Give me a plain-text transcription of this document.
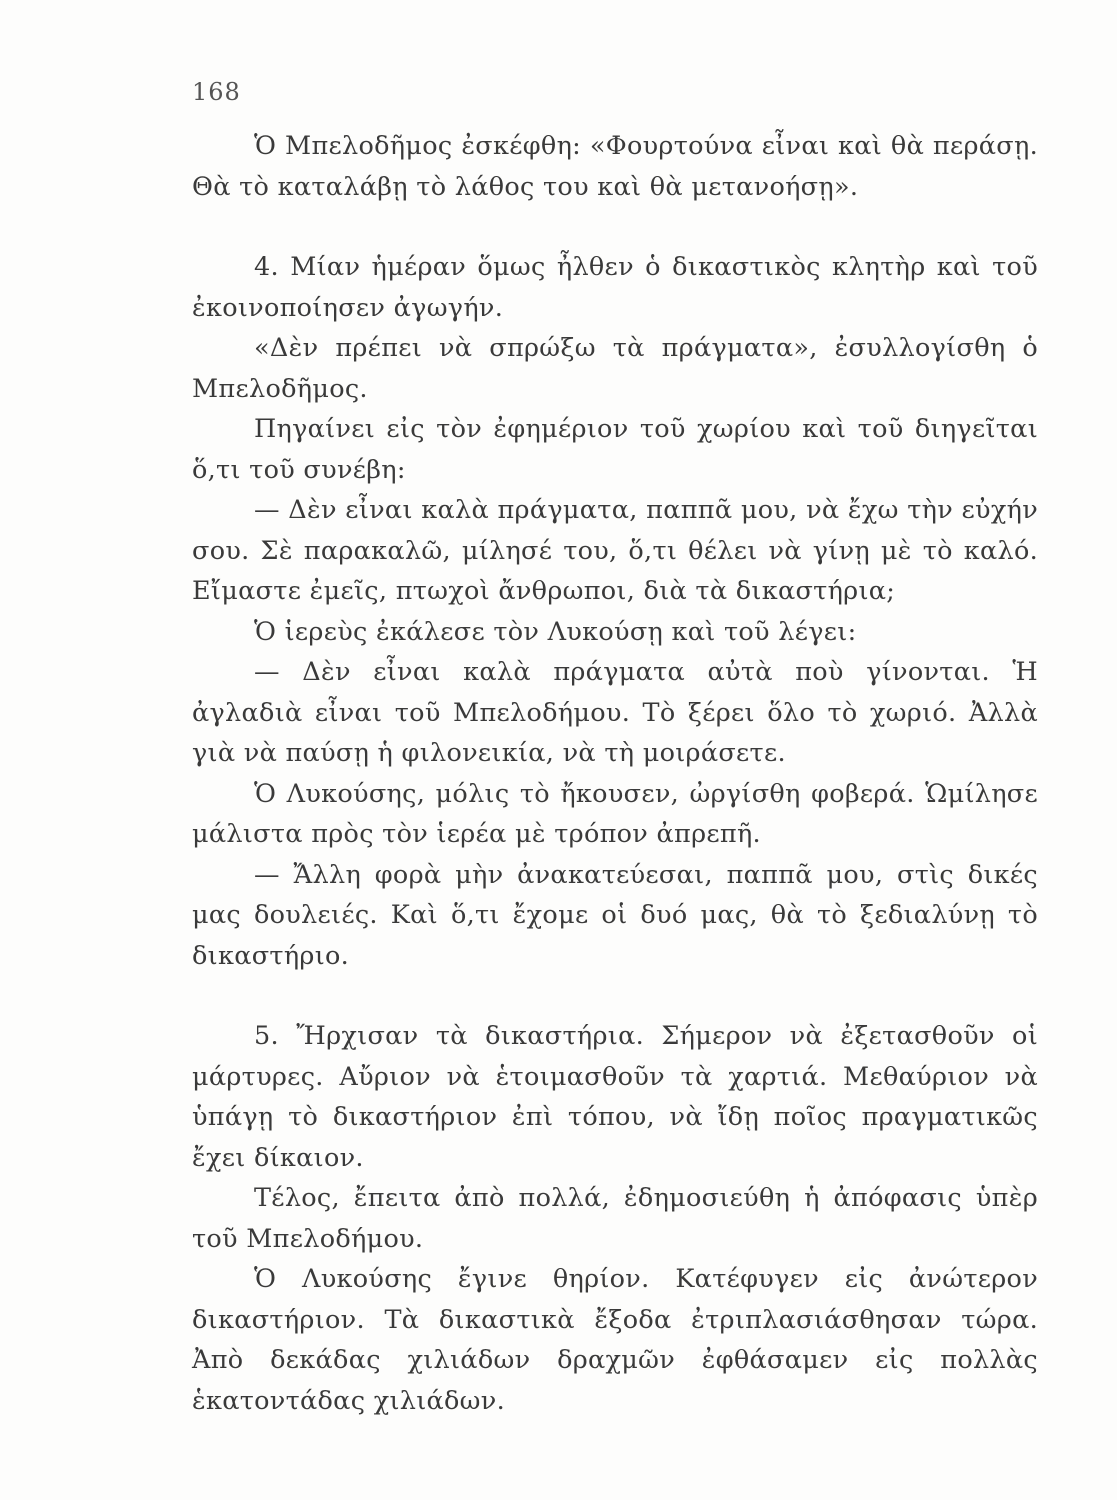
168

Ὁ Μπελοδῆμος ἐσκέφθη: «Φουρτούνα εἶναι καὶ θὰ περάσῃ. Θὰ τὸ καταλάβῃ τὸ λάθος του καὶ θὰ μετανοήσῃ».

4. Μίαν ἡμέραν ὅμως ἦλθεν ὁ δικαστικὸς κλητὴρ καὶ τοῦ ἐκοινοποίησεν ἀγωγήν.

«Δὲν πρέπει νὰ σπρώξω τὰ πράγματα», ἐσυλλογίσθη ὁ Μπελοδῆμος.

Πηγαίνει εἰς τὸν ἐφημέριον τοῦ χωρίου καὶ τοῦ διηγεῖται ὅ,τι τοῦ συνέβη:

— Δὲν εἶναι καλὰ πράγματα, παππᾶ μου, νὰ ἔχω τὴν εὐχήν σου. Σὲ παρακαλῶ, μίλησέ του, ὅ,τι θέλει νὰ γίνῃ μὲ τὸ καλό. Εἴμαστε ἐμεῖς, πτωχοὶ ἄνθρωποι, διὰ τὰ δικαστήρια;

Ὁ ἱερεὺς ἐκάλεσε τὸν Λυκούσῃ καὶ τοῦ λέγει:

— Δὲν εἶναι καλὰ πράγματα αὐτὰ ποὺ γίνονται. Ἡ ἀγλαδιὰ εἶναι τοῦ Μπελοδήμου. Τὸ ξέρει ὅλο τὸ χωριό. Ἀλλὰ γιὰ νὰ παύσῃ ἡ φιλονεικία, νὰ τὴ μοιράσετε.

Ὁ Λυκούσης, μόλις τὸ ἤκουσεν, ὠργίσθη φοβερά. Ὡμίλησε μάλιστα πρὸς τὸν ἱερέα μὲ τρόπον ἀπρεπῆ.

— Ἄλλη φορὰ μὴν ἀνακατεύεσαι, παππᾶ μου, στὶς δικές μας δουλειές. Καὶ ὅ,τι ἔχομε οἱ δυό μας, θὰ τὸ ξεδιαλύνῃ τὸ δικαστήριο.

5. Ἤρχισαν τὰ δικαστήρια. Σήμερον νὰ ἐξετασθοῦν οἱ μάρτυρες. Αὔριον νὰ ἑτοιμασθοῦν τὰ χαρτιά. Μεθαύριον νὰ ὑπάγῃ τὸ δικαστήριον ἐπὶ τόπου, νὰ ἴδῃ ποῖος πραγματικῶς ἔχει δίκαιον.

Τέλος, ἔπειτα ἀπὸ πολλά, ἐδημοσιεύθη ἡ ἀπόφασις ὑπὲρ τοῦ Μπελοδήμου.

Ὁ Λυκούσης ἔγινε θηρίον. Κατέφυγεν εἰς ἀνώτερον δικαστήριον. Τὰ δικαστικὰ ἔξοδα ἐτριπλασιάσθησαν τώρα. Ἀπὸ δεκάδας χιλιάδων δραχμῶν ἐφθάσαμεν εἰς πολλὰς ἑκατοντάδας χιλιάδων.
